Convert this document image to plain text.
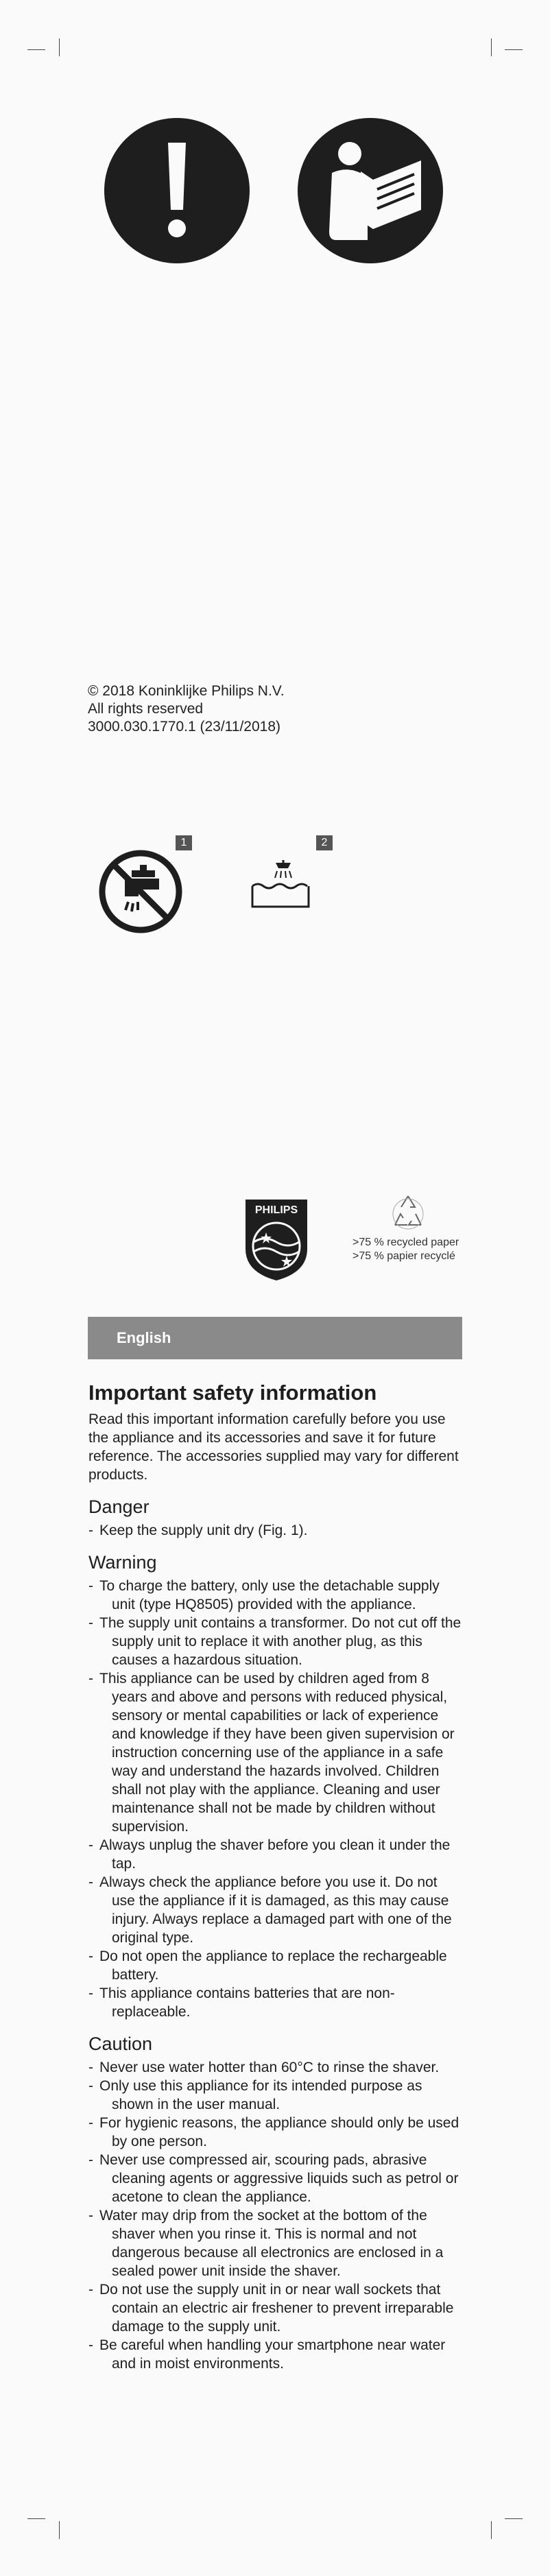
© 2018 Koninklijke Philips N.V.
All rights reserved
3000.030.1770.1 (23/11/2018)
1	2
PHILIPS
>75 % recycled paper
>75 % papier recyclé
English
Important safety information

Read this important information carefully before you use the appliance and its accessories and save it for future reference. The accessories supplied may vary for different products.

Danger
- Keep the supply unit dry (Fig. 1).
Warning
- To charge the battery, only use the detachable supply unit (type HQ8505) provided with the appliance.
- The supply unit contains a transformer. Do not cut off the supply unit to replace it with another plug, as this causes a hazardous situation.
- This appliance can be used by children aged from 8 years and above and persons with reduced physical, sensory or mental capabilities or lack of experience and knowledge if they have been given supervision or instruction concerning use of the appliance in a safe way and understand the hazards involved. Children shall not play with the appliance. Cleaning and user maintenance shall not be made by children without supervision.
- Always unplug the shaver before you clean it under the tap.
- Always check the appliance before you use it. Do not use the appliance if it is damaged, as this may cause injury. Always replace a damaged part with one of the original type.
- Do not open the appliance to replace the rechargeable battery.
- This appliance contains batteries that are non-replaceable.
Caution
- Never use water hotter than 60°C to rinse the shaver.
- Only use this appliance for its intended purpose as shown in the user manual.
- For hygienic reasons, the appliance should only be used by one person.
- Never use compressed air, scouring pads, abrasive cleaning agents or aggressive liquids such as petrol or acetone to clean the appliance.
- Water may drip from the socket at the bottom of the shaver when you rinse it. This is normal and not dangerous because all electronics are enclosed in a sealed power unit inside the shaver.
- Do not use the supply unit in or near wall sockets that contain an electric air freshener to prevent irreparable damage to the supply unit.
- Be careful when handling your smartphone near water and in moist environments.
